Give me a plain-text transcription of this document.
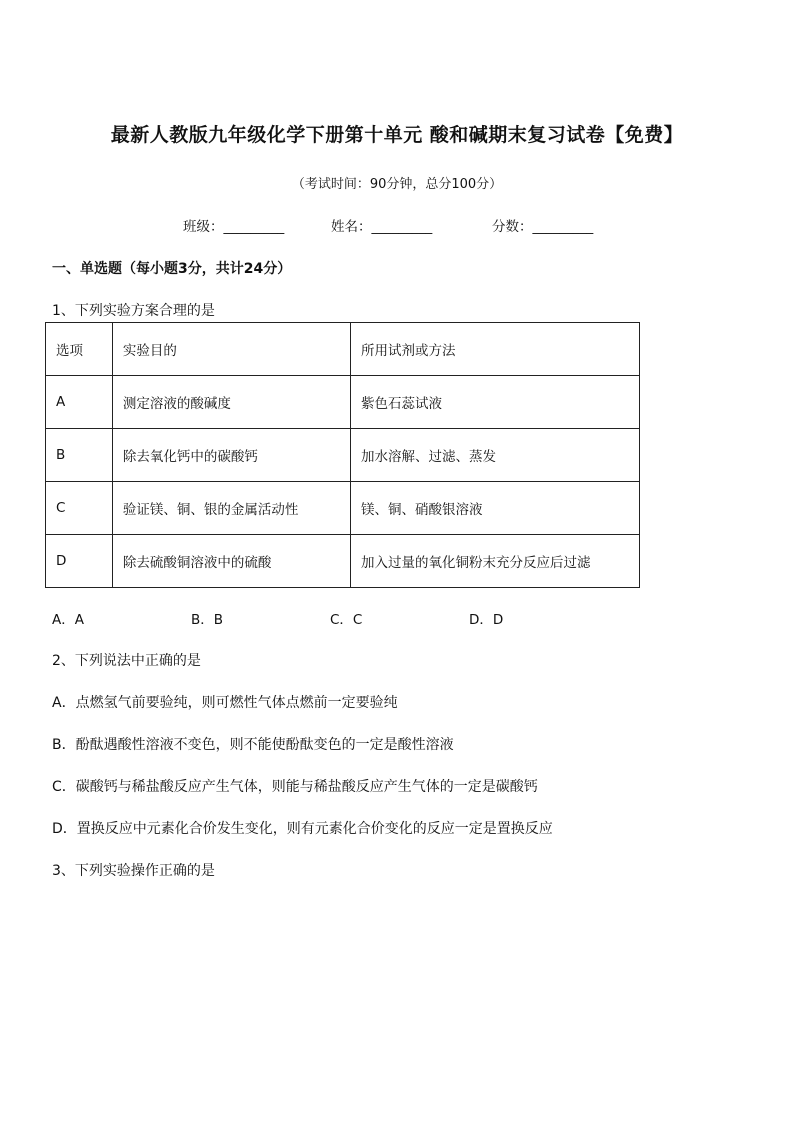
最新人教版九年级化学下册第十单元 酸和碱期末复习试卷【免费】
（考试时间：90分钟，总分100分）
班级：_________	姓名：_________	分数：_________
一、单选题（每小题3分，共计24分）
1、下列实验方案合理的是
选项	实验目的	所用试剂或方法
A	测定溶液的酸碱度	紫色石蕊试液
B	除去氧化钙中的碳酸钙	加水溶解、过滤、蒸发
C	验证镁、铜、银的金属活动性	镁、铜、硝酸银溶液
D	除去硫酸铜溶液中的硫酸	加入过量的氧化铜粉末充分反应后过滤
A．A	B．B	C．C	D．D
2、下列说法中正确的是
A．点燃氢气前要验纯，则可燃性气体点燃前一定要验纯
B．酚酞遇酸性溶液不变色，则不能使酚酞变色的一定是酸性溶液
C．碳酸钙与稀盐酸反应产生气体，则能与稀盐酸反应产生气体的一定是碳酸钙
D．置换反应中元素化合价发生变化，则有元素化合价变化的反应一定是置换反应
3、下列实验操作正确的是
